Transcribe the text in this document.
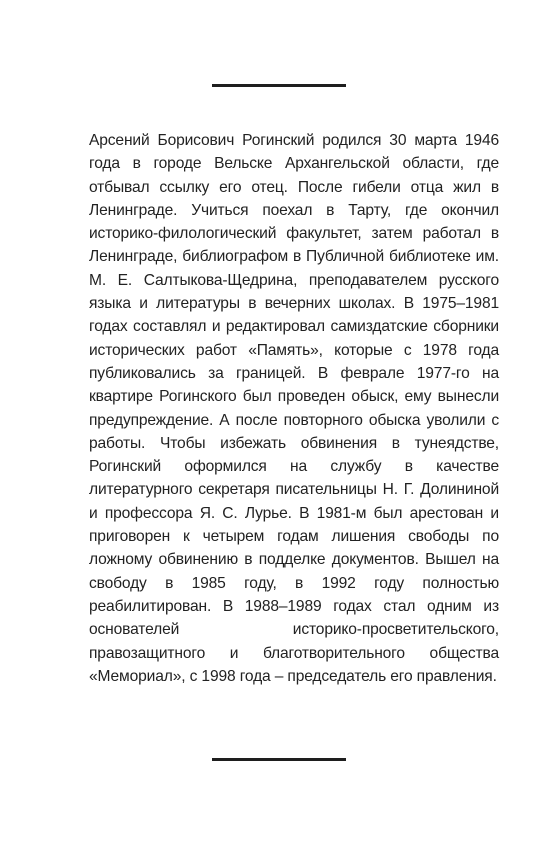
Арсений Борисович Рогинский родился 30 марта 1946 года в городе Вельске Архангельской области, где отбывал ссылку его отец. После гибели отца жил в Ленинграде. Учиться поехал в Тарту, где окончил историко-филологический факультет, затем работал в Ленинграде, библиографом в Публичной библиотеке им. М. Е. Салтыкова-Щедрина, преподавателем русского языка и литературы в вечерних школах. В 1975–1981 годах составлял и редактировал самиздатские сборники исторических работ «Память», которые с 1978 года публиковались за границей. В феврале 1977-го на квартире Рогинского был проведен обыск, ему вынесли предупреждение. А после повторного обыска уволили с работы. Чтобы избежать обвинения в тунеядстве, Рогинский оформился на службу в качестве литературного секретаря писательницы Н. Г. Долининой и профессора Я. С. Лурье. В 1981-м был арестован и приговорен к четырем годам лишения свободы по ложному обвинению в подделке документов. Вышел на свободу в 1985 году, в 1992 году полностью реабилитирован. В 1988–1989 годах стал одним из основателей историко-просветительского, правозащитного и благотворительного общества «Мемориал», с 1998 года – председатель его правления.
